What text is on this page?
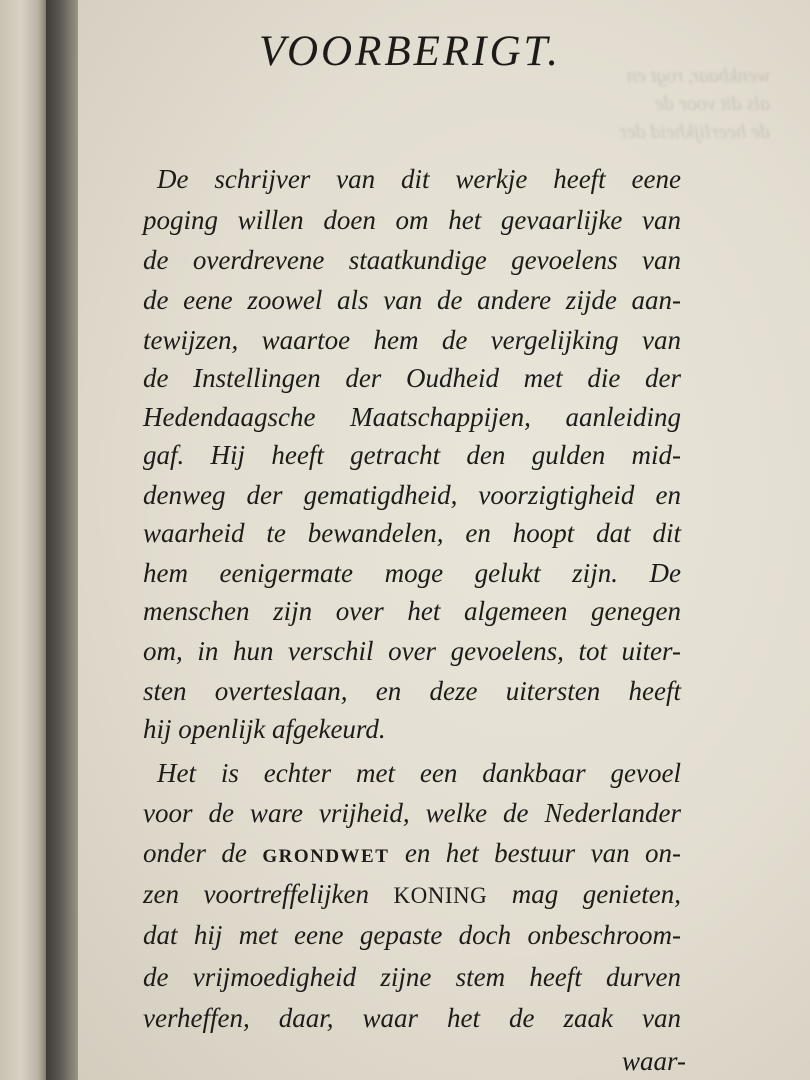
wenkbaar, rogt en
als dit voor de
de heerlijkheid der
VOORBERIGT.
De schrijver van dit werkje heeft eene
poging willen doen om het gevaarlijke van
de overdrevene staatkundige gevoelens van
de eene zoowel als van de andere zijde aan-
tewijzen, waartoe hem de vergelijking van
de Instellingen der Oudheid met die der
Hedendaagsche Maatschappijen, aanleiding
gaf. Hij heeft getracht den gulden mid-
denweg der gematigdheid, voorzigtigheid en
waarheid te bewandelen, en hoopt dat dit
hem eenigermate moge gelukt zijn. De
menschen zijn over het algemeen genegen
om, in hun verschil over gevoelens, tot uiter-
sten overteslaan, en deze uitersten heeft
hij openlijk afgekeurd.
Het is echter met een dankbaar gevoel
voor de ware vrijheid, welke de Nederlander
onder de GRONDWET en het bestuur van on-
zen voortreffelijken KONING mag genieten,
dat hij met eene gepaste doch onbeschroom-
de vrijmoedigheid zijne stem heeft durven
verheffen, daar, waar het de zaak van
waar-
